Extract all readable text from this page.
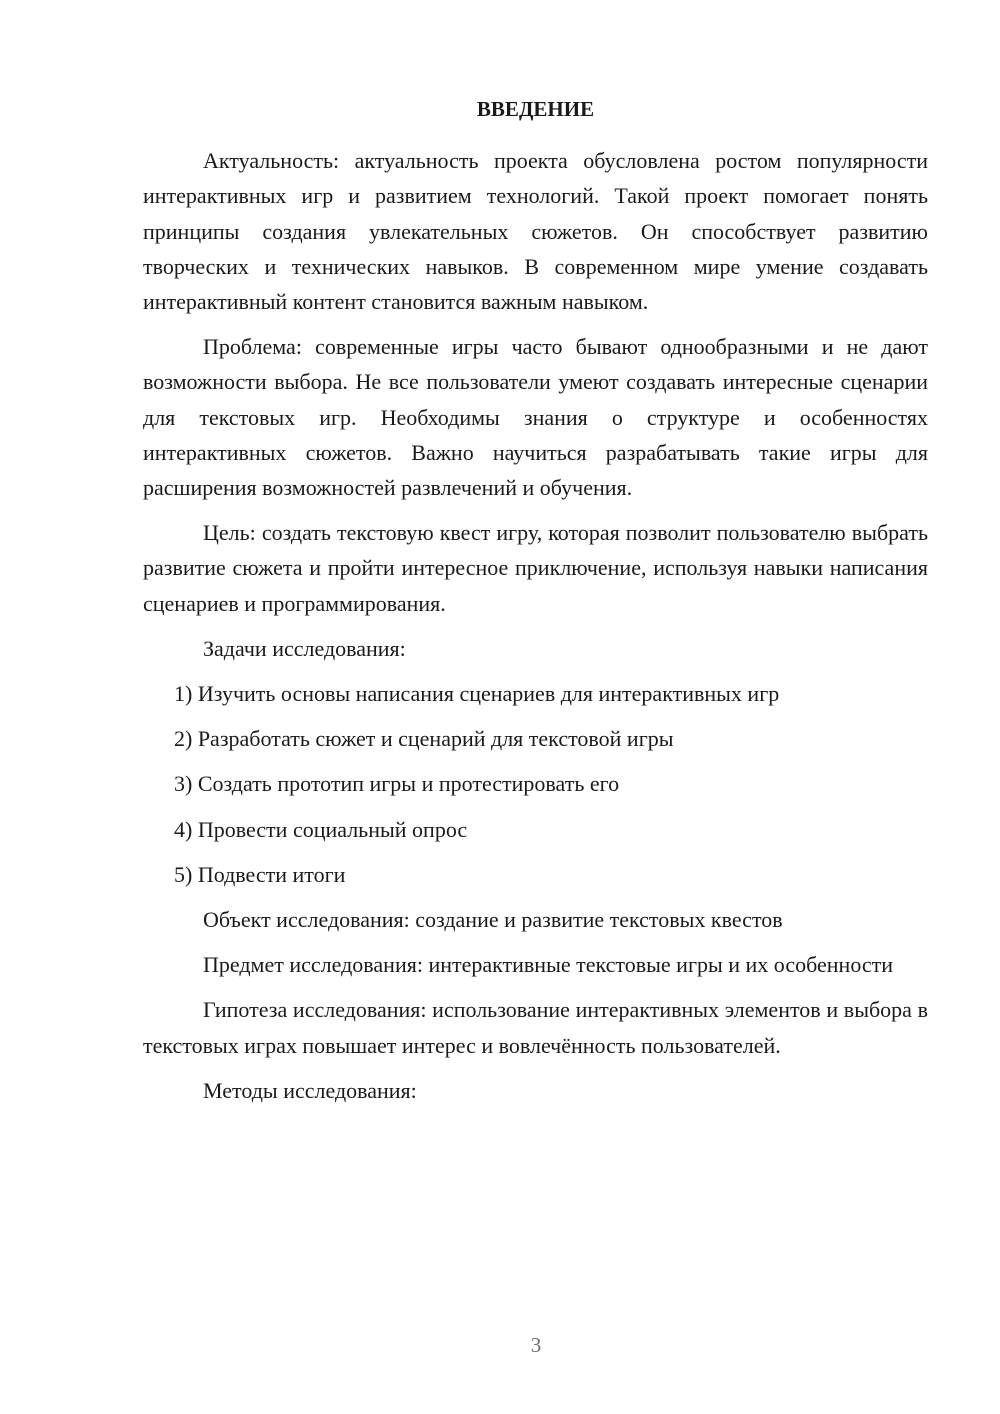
ВВЕДЕНИЕ

Актуальность: актуальность проекта обусловлена ростом популярности интерактивных игр и развитием технологий. Такой проект помогает понять принципы создания увлекательных сюжетов. Он способствует развитию творческих и технических навыков. В современном мире умение создавать интерактивный контент становится важным навыком.

Проблема: современные игры часто бывают однообразными и не дают возможности выбора. Не все пользователи умеют создавать интересные сценарии для текстовых игр. Необходимы знания о структуре и особенностях интерактивных сюжетов. Важно научиться разрабатывать такие игры для расширения возможностей развлечений и обучения.

Цель: создать текстовую квест игру, которая позволит пользователю выбрать развитие сюжета и пройти интересное приключение, используя навыки написания сценариев и программирования.

Задачи исследования:

1) Изучить основы написания сценариев для интерактивных игр
2) Разработать сюжет и сценарий для текстовой игры
3) Создать прототип игры и протестировать его
4) Провести социальный опрос
5) Подвести итоги

Объект исследования: создание и развитие текстовых квестов

Предмет исследования: интерактивные текстовые игры и их особенности

Гипотеза исследования: использование интерактивных элементов и выбора в текстовых играх повышает интерес и вовлечённость пользователей.

Методы исследования:

3
